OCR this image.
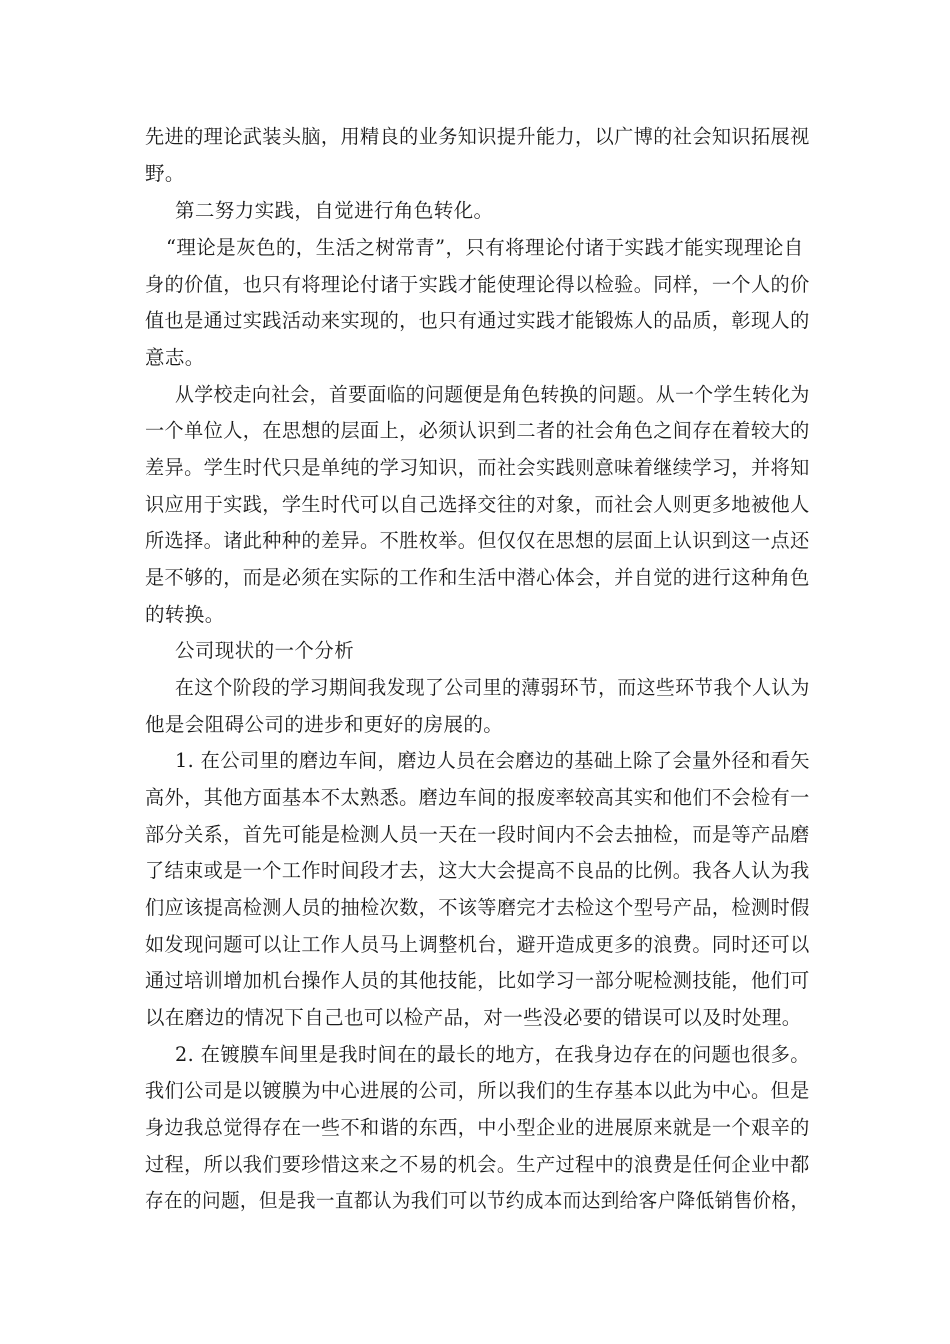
先进的理论武装头脑，用精良的业务知识提升能力，以广博的社会知识拓展视
野。
第二努力实践，自觉进行角色转化。
“理论是灰色的，生活之树常青”，只有将理论付诸于实践才能实现理论自
身的价值，也只有将理论付诸于实践才能使理论得以检验。同样，一个人的价
值也是通过实践活动来实现的，也只有通过实践才能锻炼人的品质，彰现人的
意志。
从学校走向社会，首要面临的问题便是角色转换的问题。从一个学生转化为
一个单位人，在思想的层面上，必须认识到二者的社会角色之间存在着较大的
差异。学生时代只是单纯的学习知识，而社会实践则意味着继续学习，并将知
识应用于实践，学生时代可以自己选择交往的对象，而社会人则更多地被他人
所选择。诸此种种的差异。不胜枚举。但仅仅在思想的层面上认识到这一点还
是不够的，而是必须在实际的工作和生活中潜心体会，并自觉的进行这种角色
的转换。
公司现状的一个分析
在这个阶段的学习期间我发现了公司里的薄弱环节，而这些环节我个人认为
他是会阻碍公司的进步和更好的房展的。
1. 在公司里的磨边车间，磨边人员在会磨边的基础上除了会量外径和看矢
高外，其他方面基本不太熟悉。磨边车间的报废率较高其实和他们不会检有一
部分关系，首先可能是检测人员一天在一段时间内不会去抽检，而是等产品磨
了结束或是一个工作时间段才去，这大大会提高不良品的比例。我各人认为我
们应该提高检测人员的抽检次数，不该等磨完才去检这个型号产品，检测时假
如发现问题可以让工作人员马上调整机台，避开造成更多的浪费。同时还可以
通过培训增加机台操作人员的其他技能，比如学习一部分呢检测技能，他们可
以在磨边的情况下自己也可以检产品，对一些没必要的错误可以及时处理。
2. 在镀膜车间里是我时间在的最长的地方，在我身边存在的问题也很多。
我们公司是以镀膜为中心进展的公司，所以我们的生存基本以此为中心。但是
身边我总觉得存在一些不和谐的东西，中小型企业的进展原来就是一个艰辛的
过程，所以我们要珍惜这来之不易的机会。生产过程中的浪费是任何企业中都
存在的问题，但是我一直都认为我们可以节约成本而达到给客户降低销售价格，
